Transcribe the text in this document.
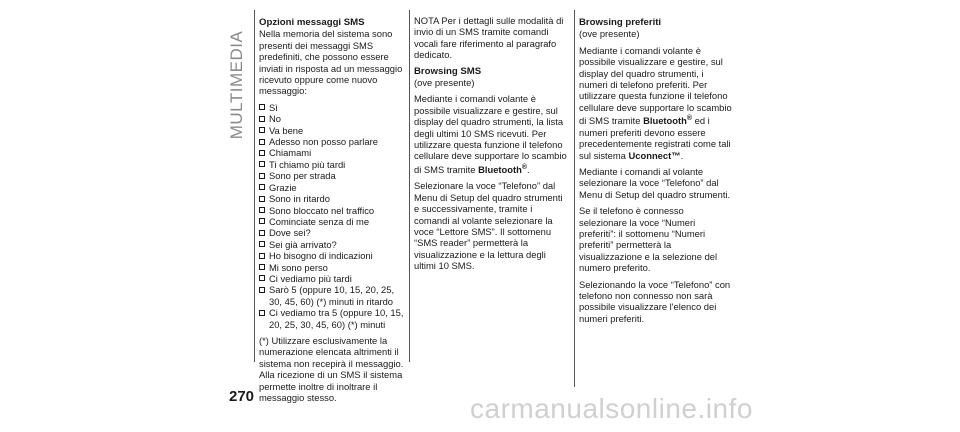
MULTIMEDIA
Opzioni messaggi SMS

Nella memoria del sistema sono presenti dei messaggi SMS predefiniti, che possono essere inviati in risposta ad un messaggio ricevuto oppure come nuovo messaggio:

Sì
No
Va bene
Adesso non posso parlare
Chiamami
Ti chiamo più tardi
Sono per strada
Grazie
Sono in ritardo
Sono bloccato nel traffico
Cominciate senza di me
Dove sei?
Sei già arrivato?
Ho bisogno di indicazioni
Mi sono perso
Ci vediamo più tardi
Sarò 5 (oppure 10, 15, 20, 25, 30, 45, 60) (*) minuti in ritardo
Ci vediamo tra 5 (oppure 10, 15, 20, 25, 30, 45, 60) (*) minuti

(*) Utilizzare esclusivamente la numerazione elencata altrimenti il sistema non recepirà il messaggio. Alla ricezione di un SMS il sistema permette inoltre di inoltrare il messaggio stesso.

NOTA Per i dettagli sulle modalità di invio di un SMS tramite comandi vocali fare riferimento al paragrafo dedicato.

Browsing SMS
(ove presente)

Mediante i comandi volante è possibile visualizzare e gestire, sul display del quadro strumenti, la lista degli ultimi 10 SMS ricevuti. Per utilizzare questa funzione il telefono cellulare deve supportare lo scambio di SMS tramite Bluetooth®.

Selezionare la voce “Telefono” dal Menu di Setup del quadro strumenti e successivamente, tramite i comandi al volante selezionare la voce “Lettore SMS”. Il sottomenu “SMS reader” permetterà la visualizzazione e la lettura degli ultimi 10 SMS.

Browsing preferiti
(ove presente)

Mediante i comandi volante è possibile visualizzare e gestire, sul display del quadro strumenti, i numeri di telefono preferiti. Per utilizzare questa funzione il telefono cellulare deve supportare lo scambio di SMS tramite Bluetooth® ed i numeri preferiti devono essere precedentemente registrati come tali sul sistema Uconnect™.

Mediante i comandi al volante selezionare la voce “Telefono” dal Menu di Setup del quadro strumenti.

Se il telefono è connesso selezionare la voce “Numeri preferiti”: il sottomenu “Numeri preferiti” permetterà la visualizzazione e la selezione del numero preferito.

Selezionando la voce “Telefono” con telefono non connesso non sarà possibile visualizzare l'elenco dei numeri preferiti.

270	carmanualsonline.info
